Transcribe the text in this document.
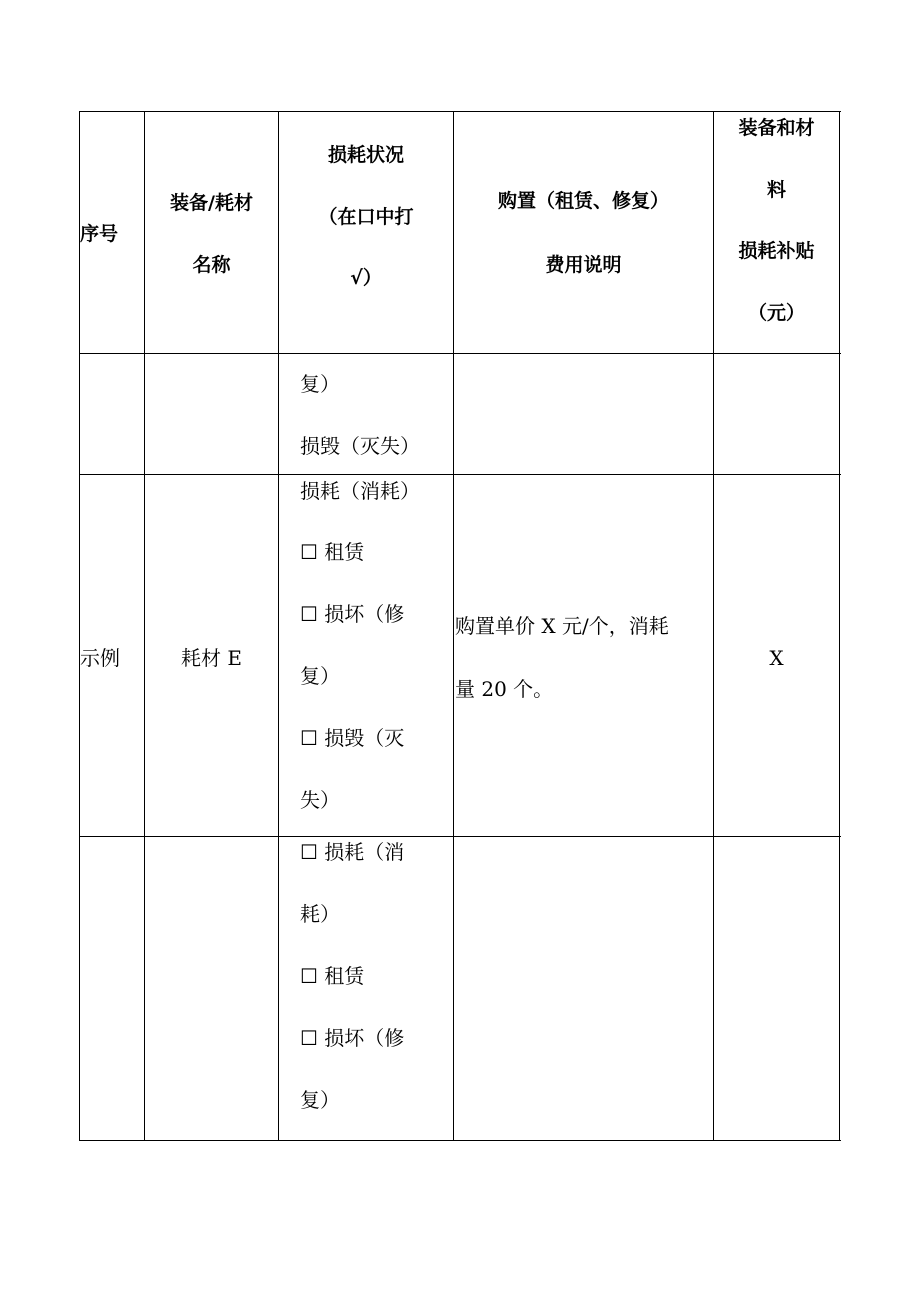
序号
装备/耗材
名称
损耗状况
（在口中打
√）
购置（租赁、修复）
费用说明
装备和材
料
损耗补贴
（元）
复）
损毁（灭失）
示例	耗材 E
损耗（消耗）
☐ 租赁
☐ 损坏（修
复）
☐ 损毁（灭
失）
购置单价 X 元/个，消耗
量 20 个。
X
☐ 损耗（消
耗）
☐ 租赁
☐ 损坏（修
复）
